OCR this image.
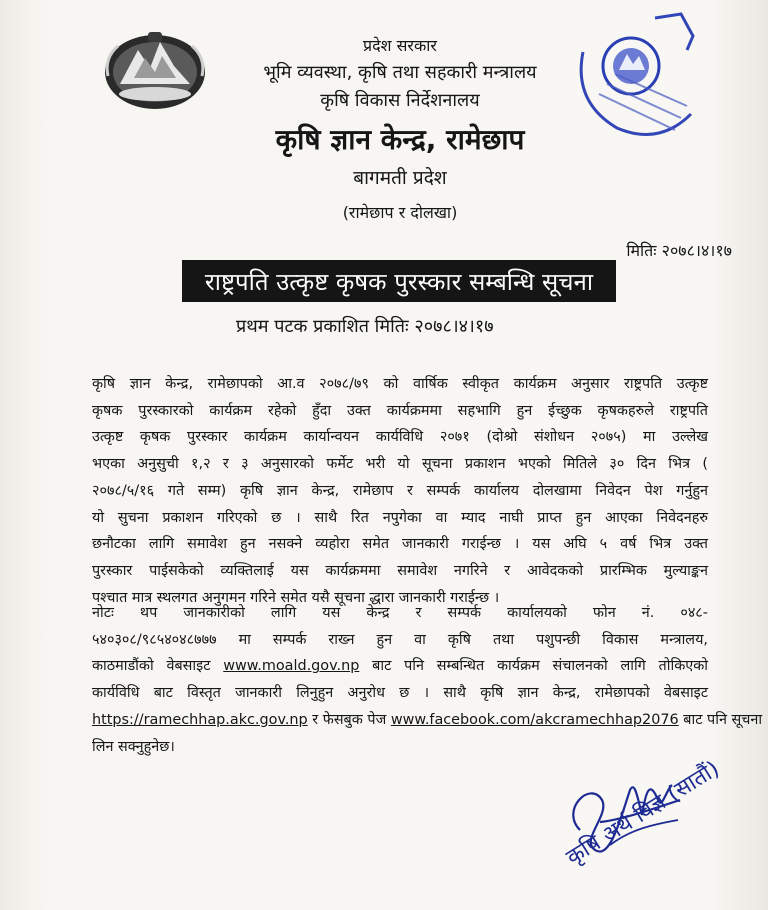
प्रदेश सरकार
भूमि व्यवस्था, कृषि तथा सहकारी मन्त्रालय
कृषि विकास निर्देशनालय
कृषि ज्ञान केन्द्र, रामेछाप
बागमती प्रदेश
(रामेछाप र दोलखा)
मितिः २०७८।४।१७
राष्ट्रपति उत्कृष्ट कृषक पुरस्कार सम्बन्धि सूचना
प्रथम पटक प्रकाशित मितिः २०७८।४।१७
कृषि ज्ञान केन्द्र, रामेछापको आ.व २०७८/७९ को वार्षिक स्वीकृत कार्यक्रम अनुसार राष्ट्रपति उत्कृष्ट
कृषक पुरस्कारको कार्यक्रम रहेको हुँदा उक्त कार्यक्रममा सहभागि हुन ईच्छुक कृषकहरुले राष्ट्रपति
उत्कृष्ट कृषक पुरस्कार कार्यक्रम कार्यान्वयन कार्यविधि २०७१ (दोश्रो संशोधन २०७५) मा उल्लेख
भएका अनुसुची १,२ र ३ अनुसारको फर्मेट भरी यो सूचना प्रकाशन भएको मितिले ३० दिन भित्र (
२०७८/५/१६ गते सम्म) कृषि ज्ञान केन्द्र, रामेछाप र सम्पर्क कार्यालय दोलखामा निवेदन पेश गर्नुहुन
यो सुचना प्रकाशन गरिएको छ । साथै रित नपुगेका वा म्याद नाघी प्राप्त हुन आएका निवेदनहरु
छनौटका लागि समावेश हुन नसक्ने व्यहोरा समेत जानकारी गराईन्छ । यस अघि ५ वर्ष भित्र उक्त
पुरस्कार पाईसकेको व्यक्तिलाई यस कार्यक्रममा समावेश नगरिने र आवेदकको प्रारम्भिक मुल्याङ्कन
पश्चात मात्र स्थलगत अनुगमन गरिने समेत यसै सूचना द्धारा जानकारी गराईन्छ ।
नोटः थप जानकारीको लागि यस केन्द्र र सम्पर्क कार्यालयको फोन नं. ०४८-
५४०३०८/९८५४०४८७७७ मा सम्पर्क राख्न हुन वा कृषि तथा पशुपन्छी विकास मन्त्रालय,
काठमाडौंको वेबसाइट www.moald.gov.np बाट पनि सम्बन्धित कार्यक्रम संचालनको लागि तोकिएको
कार्यविधि बाट विस्तृत जानकारी लिनुहुन अनुरोध छ । साथै कृषि ज्ञान केन्द्र, रामेछापको वेबसाइट
https://ramechhap.akc.gov.np र फेसबुक पेज www.facebook.com/akcramechhap2076 बाट पनि सूचना
लिन सक्नुहुनेछ।
कृषि अर्थ विज्ञ (सातौं)
